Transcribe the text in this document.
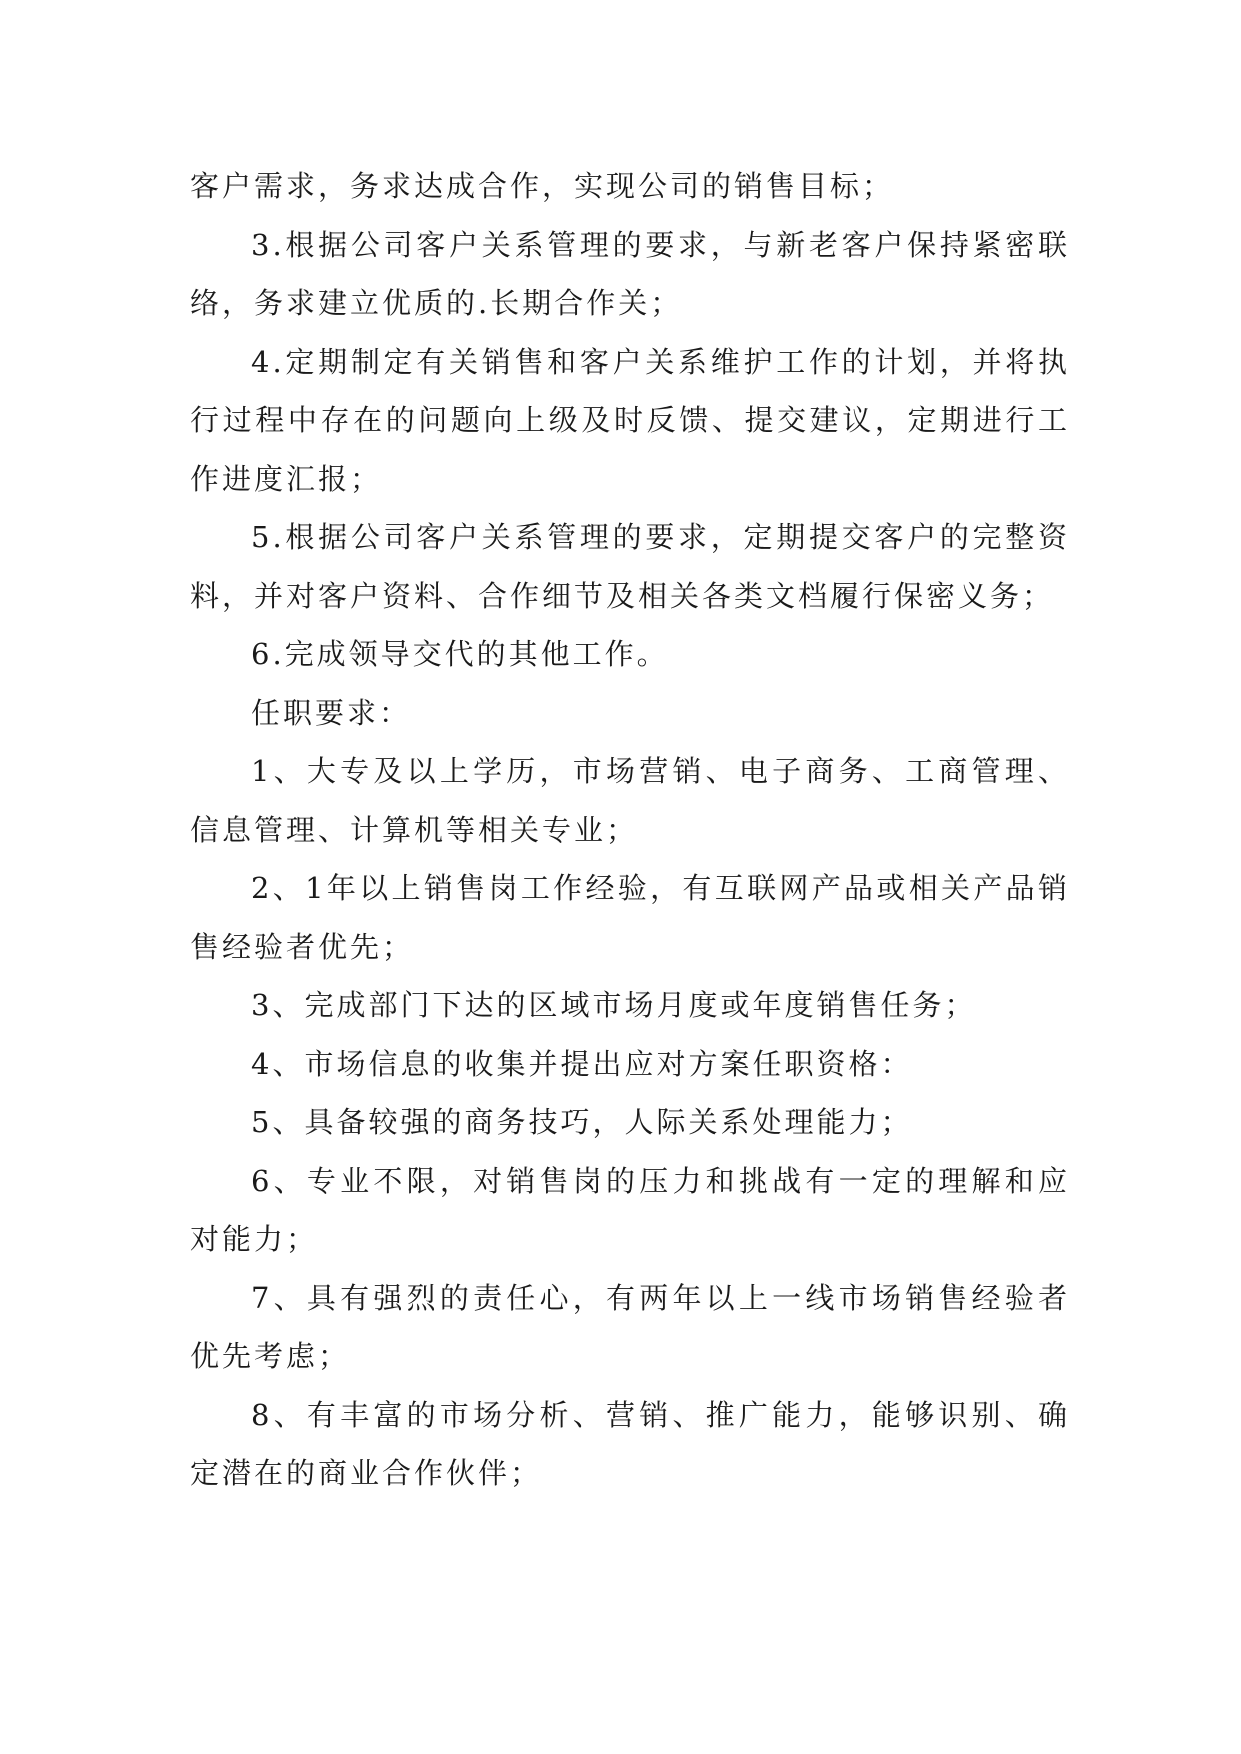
客户需求，务求达成合作，实现公司的销售目标；

3.根据公司客户关系管理的要求，与新老客户保持紧密联络，务求建立优质的.长期合作关；

4.定期制定有关销售和客户关系维护工作的计划，并将执行过程中存在的问题向上级及时反馈、提交建议，定期进行工作进度汇报；

5.根据公司客户关系管理的要求，定期提交客户的完整资料，并对客户资料、合作细节及相关各类文档履行保密义务；

6.完成领导交代的其他工作。

任职要求：

1、大专及以上学历，市场营销、电子商务、工商管理、信息管理、计算机等相关专业；

2、1年以上销售岗工作经验，有互联网产品或相关产品销售经验者优先；

3、完成部门下达的区域市场月度或年度销售任务；

4、市场信息的收集并提出应对方案任职资格：

5、具备较强的商务技巧，人际关系处理能力；

6、专业不限，对销售岗的压力和挑战有一定的理解和应对能力；

7、具有强烈的责任心，有两年以上一线市场销售经验者优先考虑；

8、有丰富的市场分析、营销、推广能力，能够识别、确定潜在的商业合作伙伴；
